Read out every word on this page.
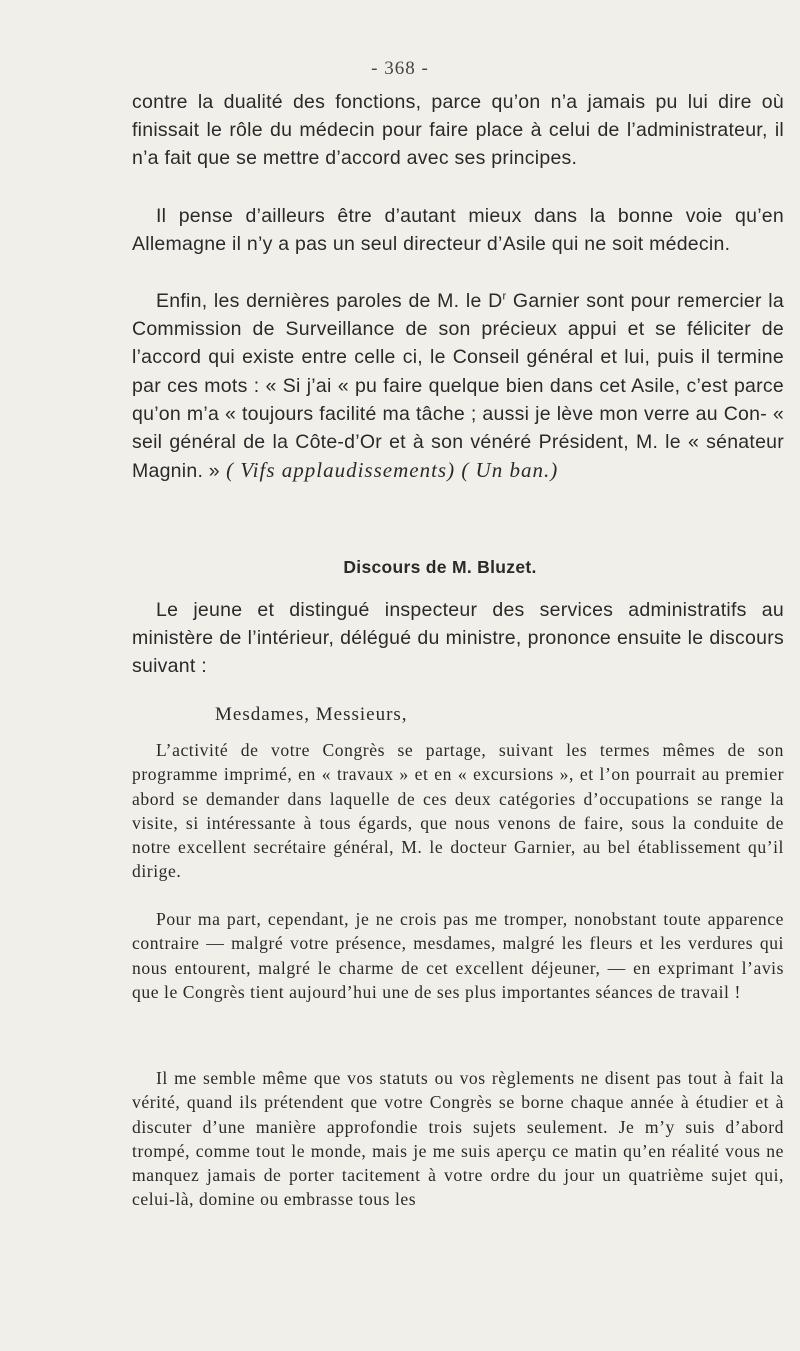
- 368 -

contre la dualité des fonctions, parce qu’on n’a jamais pu lui dire où finissait le rôle du médecin pour faire place à celui de l’administrateur, il n’a fait que se mettre d’accord avec ses principes.

Il pense d’ailleurs être d’autant mieux dans la bonne voie qu’en Allemagne il n’y a pas un seul directeur d’Asile qui ne soit médecin.

Enfin, les dernières paroles de M. le $D^r$ Garnier sont pour remercier la Commission de Surveillance de son précieux appui et se féliciter de l’accord qui existe entre celle ci, le Conseil général et lui, puis il termine par ces mots : « Si j’ai « pu faire quelque bien dans cet Asile, c’est parce qu’on m’a « toujours facilité ma tâche ; aussi je lève mon verre au Con- « seil général de la Côte-d’Or et à son vénéré Président, M. le « sénateur Magnin. » ( Vifs applaudissements) ( Un ban.)

Discours de M. Bluzet.

Le jeune et distingué inspecteur des services administratifs au ministère de l’intérieur, délégué du ministre, prononce ensuite le discours suivant :

Mesdames, Messieurs,

L’activité de votre Congrès se partage, suivant les termes mêmes de son programme imprimé, en « travaux » et en « excursions », et l’on pourrait au premier abord se demander dans laquelle de ces deux catégories d’occupations se range la visite, si intéressante à tous égards, que nous venons de faire, sous la conduite de notre excellent secrétaire général, M. le docteur Garnier, au bel établissement qu’il dirige.

Pour ma part, cependant, je ne crois pas me tromper, nonobstant toute apparence contraire — malgré votre présence, mesdames, malgré les fleurs et les verdures qui nous entourent, malgré le charme de cet excellent déjeuner, — en exprimant l’avis que le Congrès tient aujourd’hui une de ses plus importantes séances de travail !

Il me semble même que vos statuts ou vos règlements ne disent pas tout à fait la vérité, quand ils prétendent que votre Congrès se borne chaque année à étudier et à discuter d’une manière approfondie trois sujets seulement. Je m’y suis d’abord trompé, comme tout le monde, mais je me suis aperçu ce matin qu’en réalité vous ne manquez jamais de porter tacitement à votre ordre du jour un quatrième sujet qui, celui-là, domine ou embrasse tous les
